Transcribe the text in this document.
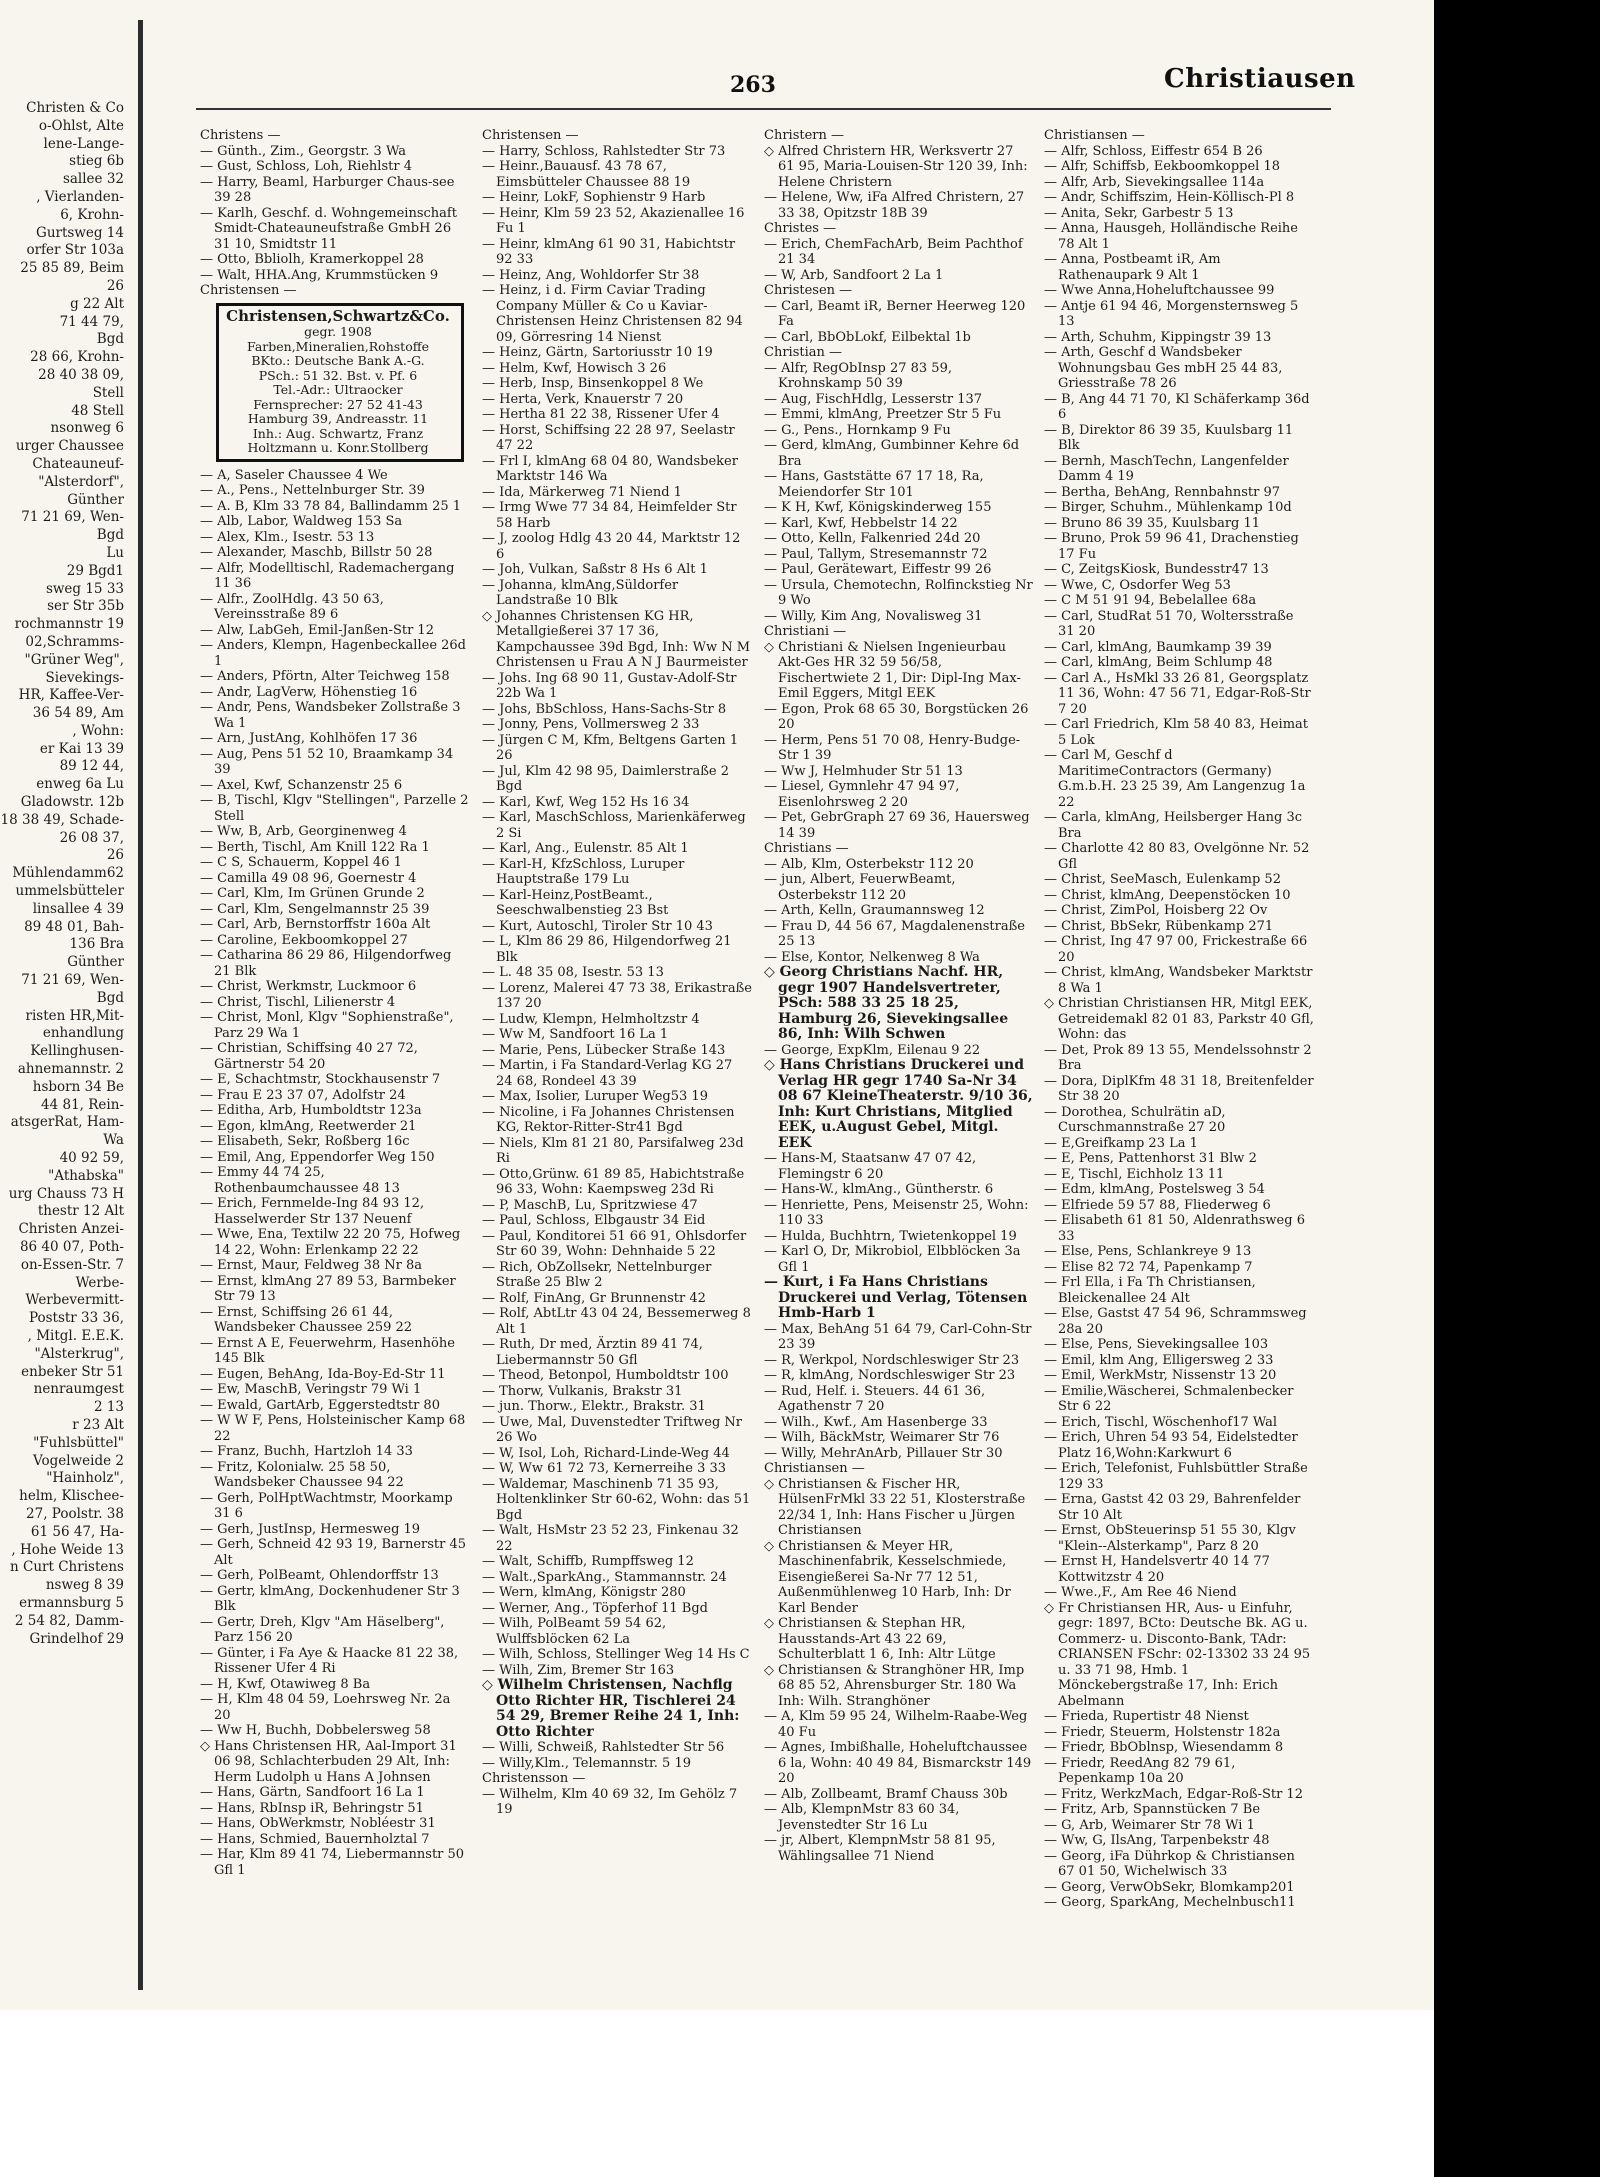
Christen & Co
o-Ohlst, Alte
lene-Lange-
stieg 6b
sallee 32
, Vierlanden-
6, Krohn-
Gurtsweg 14
orfer Str 103a
25 85 89, Beim
26
g 22 Alt
71 44 79,
Bgd
28 66, Krohn-
28 40 38 09,
Stell
48 Stell
nsonweg 6
urger Chaussee
Chateauneuf-
"Alsterdorf",
Günther
71 21 69, Wen-
Bgd
Lu
29 Bgd1
sweg 15 33
ser Str 35b
rochmannstr 19
02,Schramms-
"Grüner Weg",
Sievekings-
HR, Kaffee-Ver-
36 54 89, Am
, Wohn:
er Kai 13 39
89 12 44,
enweg 6a Lu
Gladowstr. 12b
18 38 49, Schade-
26 08 37,
26
Mühlendamm62
ummelsbütteler
linsallee 4 39
89 48 01, Bah-
136 Bra
Günther
71 21 69, Wen-
Bgd
risten HR,Mit-
enhandlung
Kellinghusen-
ahnemannstr. 2
hsborn 34 Be
44 81, Rein-
atsgerRat, Ham-
Wa
40 92 59,
"Athabska"
urg Chauss 73 H
thestr 12 Alt
Christen Anzei-
86 40 07, Poth-
on-Essen-Str. 7
Werbe-
Werbevermitt-
Poststr 33 36,
, Mitgl. E.E.K.
"Alsterkrug",
enbeker Str 51
nenraumgest
2 13
r 23 Alt
"Fuhlsbüttel"
Vogelweide 2
"Hainholz",
helm, Klischee-
27, Poolstr. 38
61 56 47, Ha-
, Hohe Weide 13
n Curt Christens
nsweg 8 39
ermannsburg 5
2 54 82, Damm-
Grindelhof 29
263	Christiausen
Christens —
— Günth., Zim., Georgstr. 3 Wa
— Gust, Schloss, Loh, Riehlstr 4
— Harry, Beaml, Harburger Chaus-see 39 28
— Karlh, Geschf. d. Wohngemeinschaft Smidt-Chateauneufstraße GmbH 26 31 10, Smidtstr 11
— Otto, Bbliolh, Kramerkoppel 28
— Walt, HHA.Ang, Krummstücken 9
Christensen —
Christensen,Schwartz&Co.
gegr. 1908
Farben,Mineralien,Rohstoffe
BKto.: Deutsche Bank A.-G.
PSch.: 51 32. Bst. v. Pf. 6
Tel.-Adr.: Ultraocker
Fernsprecher: 27 52 41-43
Hamburg 39, Andreasstr. 11
Inh.: Aug. Schwartz, Franz
Holtzmann u. Konr.Stollberg
— A, Saseler Chaussee 4 We
— A., Pens., Nettelnburger Str. 39
— A. B, Klm 33 78 84, Ballindamm 25 1
— Alb, Labor, Waldweg 153 Sa
— Alex, Klm., Isestr. 53 13
— Alexander, Maschb, Billstr 50 28
— Alfr, Modelltischl, Rademachergang 11 36
— Alfr., ZoolHdlg. 43 50 63, Vereinsstraße 89 6
— Alw, LabGeh, Emil-Janßen-Str 12
— Anders, Klempn, Hagenbeckallee 26d 1
— Anders, Pförtn, Alter Teichweg 158
— Andr, LagVerw, Höhenstieg 16
— Andr, Pens, Wandsbeker Zollstraße 3 Wa 1
— Arn, JustAng, Kohlhöfen 17 36
— Aug, Pens 51 52 10, Braamkamp 34 39
— Axel, Kwf, Schanzenstr 25 6
— B, Tischl, Klgv "Stellingen", Parzelle 2 Stell
— Ww, B, Arb, Georginenweg 4
— Berth, Tischl, Am Knill 122 Ra 1
— C S, Schauerm, Koppel 46 1
— Camilla 49 08 96, Goernestr 4
— Carl, Klm, Im Grünen Grunde 2
— Carl, Klm, Sengelmannstr 25 39
— Carl, Arb, Bernstorffstr 160a Alt
— Caroline, Eekboomkoppel 27
— Catharina 86 29 86, Hilgendorfweg 21 Blk
— Christ, Werkmstr, Luckmoor 6
— Christ, Tischl, Lilienerstr 4
— Christ, Monl, Klgv "Sophienstraße", Parz 29 Wa 1
— Christian, Schiffsing 40 27 72, Gärtnerstr 54 20
— E, Schachtmstr, Stockhausenstr 7
— Frau E 23 37 07, Adolfstr 24
— Editha, Arb, Humboldtstr 123a
— Egon, klmAng, Reetwerder 21
— Elisabeth, Sekr, Roßberg 16c
— Emil, Ang, Eppendorfer Weg 150
— Emmy 44 74 25, Rothenbaumchaussee 48 13
— Erich, Fernmelde-Ing 84 93 12, Hasselwerder Str 137 Neuenf
— Wwe, Ena, Textilw 22 20 75, Hofweg 14 22, Wohn: Erlenkamp 22 22
— Ernst, Maur, Feldweg 38 Nr 8a
— Ernst, klmAng 27 89 53, Barmbeker Str 79 13
— Ernst, Schiffsing 26 61 44, Wandsbeker Chaussee 259 22
— Ernst A E, Feuerwehrm, Hasenhöhe 145 Blk
— Eugen, BehAng, Ida-Boy-Ed-Str 11
— Ew, MaschB, Veringstr 79 Wi 1
— Ewald, GartArb, Eggerstedtstr 80
— W W F, Pens, Holsteinischer Kamp 68 22
— Franz, Buchh, Hartzloh 14 33
— Fritz, Kolonialw. 25 58 50, Wandsbeker Chaussee 94 22
— Gerh, PolHptWachtmstr, Moorkamp 31 6
— Gerh, JustInsp, Hermesweg 19
— Gerh, Schneid 42 93 19, Barnerstr 45 Alt
— Gerh, PolBeamt, Ohlendorffstr 13
— Gertr, klmAng, Dockenhudener Str 3 Blk
— Gertr, Dreh, Klgv "Am Häselberg", Parz 156 20
— Günter, i Fa Aye & Haacke 81 22 38, Rissener Ufer 4 Ri
— H, Kwf, Otawiweg 8 Ba
— H, Klm 48 04 59, Loehrsweg Nr. 2a 20
— Ww H, Buchh, Dobbelersweg 58
◇ Hans Christensen HR, Aal-Import 31 06 98, Schlachterbuden 29 Alt, Inh: Herm Ludolph u Hans A Johnsen
— Hans, Gärtn, Sandfoort 16 La 1
— Hans, RbInsp iR, Behringstr 51
— Hans, ObWerkmstr, Nobléestr 31
— Hans, Schmied, Bauernholztal 7
— Har, Klm 89 41 74, Liebermannstr 50 Gfl 1
Christensen —
— Harry, Schloss, Rahlstedter Str 73
— Heinr.,Bauausf. 43 78 67, Eimsbütteler Chaussee 88 19
— Heinr, LokF, Sophienstr 9 Harb
— Heinr, Klm 59 23 52, Akazienallee 16 Fu 1
— Heinr, klmAng 61 90 31, Habichtstr 92 33
— Heinz, Ang, Wohldorfer Str 38
— Heinz, i d. Firm Caviar Trading Company Müller & Co u Kaviar-Christensen Heinz Christensen 82 94 09, Görresring 14 Nienst
— Heinz, Gärtn, Sartoriusstr 10 19
— Helm, Kwf, Howisch 3 26
— Herb, Insp, Binsenkoppel 8 We
— Herta, Verk, Knauerstr 7 20
— Hertha 81 22 38, Rissener Ufer 4
— Horst, Schiffsing 22 28 97, Seelastr 47 22
— Frl I, klmAng 68 04 80, Wandsbeker Marktstr 146 Wa
— Ida, Märkerweg 71 Niend 1
— Irmg Wwe 77 34 84, Heimfelder Str 58 Harb
— J, zoolog Hdlg 43 20 44, Marktstr 12 6
— Joh, Vulkan, Saßstr 8 Hs 6 Alt 1
— Johanna, klmAng,Süldorfer Landstraße 10 Blk
◇ Johannes Christensen KG HR, Metallgießerei 37 17 36, Kampchaussee 39d Bgd, Inh: Ww N M Christensen u Frau A N J Baurmeister
— Johs. Ing 68 90 11, Gustav-Adolf-Str 22b Wa 1
— Johs, BbSchloss, Hans-Sachs-Str 8
— Jonny, Pens, Vollmersweg 2 33
— Jürgen C M, Kfm, Beltgens Garten 1 26
— Jul, Klm 42 98 95, Daimlerstraße 2 Bgd
— Karl, Kwf, Weg 152 Hs 16 34
— Karl, MaschSchloss, Marienkäferweg 2 Si
— Karl, Ang., Eulenstr. 85 Alt 1
— Karl-H, KfzSchloss, Luruper Hauptstraße 179 Lu
— Karl-Heinz,PostBeamt., Seeschwalbenstieg 23 Bst
— Kurt, Autoschl, Tiroler Str 10 43
— L, Klm 86 29 86, Hilgendorfweg 21 Blk
— L. 48 35 08, Isestr. 53 13
— Lorenz, Malerei 47 73 38, Erikastraße 137 20
— Ludw, Klempn, Helmholtzstr 4
— Ww M, Sandfoort 16 La 1
— Marie, Pens, Lübecker Straße 143
— Martin, i Fa Standard-Verlag KG 27 24 68, Rondeel 43 39
— Max, Isolier, Luruper Weg53 19
— Nicoline, i Fa Johannes Christensen KG, Rektor-Ritter-Str41 Bgd
— Niels, Klm 81 21 80, Parsifalweg 23d Ri
— Otto,Grünw. 61 89 85, Habichtstraße 96 33, Wohn: Kaempsweg 23d Ri
— P, MaschB, Lu, Spritzwiese 47
— Paul, Schloss, Elbgaustr 34 Eid
— Paul, Konditorei 51 66 91, Ohlsdorfer Str 60 39, Wohn: Dehnhaide 5 22
— Rich, ObZollsekr, Nettelnburger Straße 25 Blw 2
— Rolf, FinAng, Gr Brunnenstr 42
— Rolf, AbtLtr 43 04 24, Bessemerweg 8 Alt 1
— Ruth, Dr med, Ärztin 89 41 74, Liebermannstr 50 Gfl
— Theod, Betonpol, Humboldtstr 100
— Thorw, Vulkanis, Brakstr 31
— jun. Thorw., Elektr., Brakstr. 31
— Uwe, Mal, Duvenstedter Triftweg Nr 26 Wo
— W, Isol, Loh, Richard-Linde-Weg 44
— W, Ww 61 72 73, Kernerreihe 3 33
— Waldemar, Maschinenb 71 35 93, Holtenklinker Str 60-62, Wohn: das 51 Bgd
— Walt, HsMstr 23 52 23, Finkenau 32 22
— Walt, Schiffb, Rumpffsweg 12
— Walt.,SparkAng., Stammannstr. 24
— Wern, klmAng, Königstr 280
— Werner, Ang., Töpferhof 11 Bgd
— Wilh, PolBeamt 59 54 62, Wulffsblöcken 62 La
— Wilh, Schloss, Stellinger Weg 14 Hs C
— Wilh, Zim, Bremer Str 163
◇ Wilhelm Christensen, Nachflg Otto Richter HR, Tischlerei 24 54 29, Bremer Reihe 24 1, Inh: Otto Richter
— Willi, Schweiß, Rahlstedter Str 56
— Willy,Klm., Telemannstr. 5 19
Christensson —
— Wilhelm, Klm 40 69 32, Im Gehölz 7 19
Christern —
◇ Alfred Christern HR, Werksvertr 27 61 95, Maria-Louisen-Str 120 39, Inh: Helene Christern
— Helene, Ww, iFa Alfred Christern, 27 33 38, Opitzstr 18B 39
Christes —
— Erich, ChemFachArb, Beim Pachthof 21 34
— W, Arb, Sandfoort 2 La 1
Christesen —
— Carl, Beamt iR, Berner Heerweg 120 Fa
— Carl, BbObLokf, Eilbektal 1b
Christian —
— Alfr, RegObInsp 27 83 59, Krohnskamp 50 39
— Aug, FischHdlg, Lesserstr 137
— Emmi, klmAng, Preetzer Str 5 Fu
— G., Pens., Hornkamp 9 Fu
— Gerd, klmAng, Gumbinner Kehre 6d Bra
— Hans, Gaststätte 67 17 18, Ra, Meiendorfer Str 101
— K H, Kwf, Königskinderweg 155
— Karl, Kwf, Hebbelstr 14 22
— Otto, Kelln, Falkenried 24d 20
— Paul, Tallym, Stresemannstr 72
— Paul, Gerätewart, Eiffestr 99 26
— Ursula, Chemotechn, Rolfinckstieg Nr 9 Wo
— Willy, Kim Ang, Novalisweg 31
Christiani —
◇ Christiani & Nielsen Ingenieurbau Akt-Ges HR 32 59 56/58, Fischertwiete 2 1, Dir: Dipl-Ing Max-Emil Eggers, Mitgl EEK
— Egon, Prok 68 65 30, Borgstücken 26 20
— Herm, Pens 51 70 08, Henry-Budge-Str 1 39
— Ww J, Helmhuder Str 51 13
— Liesel, Gymnlehr 47 94 97, Eisenlohrsweg 2 20
— Pet, GebrGraph 27 69 36, Hauersweg 14 39
Christians —
— Alb, Klm, Osterbekstr 112 20
— jun, Albert, FeuerwBeamt, Osterbekstr 112 20
— Arth, Kelln, Graumannsweg 12
— Frau D, 44 56 67, Magdalenenstraße 25 13
— Else, Kontor, Nelkenweg 8 Wa
◇ Georg Christians Nachf. HR, gegr 1907 Handelsvertreter, PSch: 588 33 25 18 25, Hamburg 26, Sievekingsallee 86, Inh: Wilh Schwen
— George, ExpKlm, Eilenau 9 22
◇ Hans Christians Druckerei und Verlag HR gegr 1740 Sa-Nr 34 08 67 KleineTheaterstr. 9/10 36, Inh: Kurt Christians, Mitglied EEK, u.August Gebel, Mitgl. EEK
— Hans-M, Staatsanw 47 07 42, Flemingstr 6 20
— Hans-W., klmAng., Güntherstr. 6
— Henriette, Pens, Meisenstr 25, Wohn: 110 33
— Hulda, Buchhtrn, Twietenkoppel 19
— Karl O, Dr, Mikrobiol, Elbblöcken 3a Gfl 1
— Kurt, i Fa Hans Christians Druckerei und Verlag, Tötensen Hmb-Harb 1
— Max, BehAng 51 64 79, Carl-Cohn-Str 23 39
— R, Werkpol, Nordschleswiger Str 23
— R, klmAng, Nordschleswiger Str 23
— Rud, Helf. i. Steuers. 44 61 36, Agathenstr 7 20
— Wilh., Kwf., Am Hasenberge 33
— Wilh, BäckMstr, Weimarer Str 76
— Willy, MehrAnArb, Pillauer Str 30
Christiansen —
◇ Christiansen & Fischer HR, HülsenFrMkl 33 22 51, Klosterstraße 22/34 1, Inh: Hans Fischer u Jürgen Christiansen
◇ Christiansen & Meyer HR, Maschinenfabrik, Kesselschmiede, Eisengießerei Sa-Nr 77 12 51, Außenmühlenweg 10 Harb, Inh: Dr Karl Bender
◇ Christiansen & Stephan HR, Hausstands-Art 43 22 69, Schulterblatt 1 6, Inh: Altr Lütge
◇ Christiansen & Stranghöner HR, Imp 68 85 52, Ahrensburger Str. 180 Wa Inh: Wilh. Stranghöner
— A, Klm 59 95 24, Wilhelm-Raabe-Weg 40 Fu
— Agnes, Imbißhalle, Hoheluftchaussee 6 la, Wohn: 40 49 84, Bismarckstr 149 20
— Alb, Zollbeamt, Bramf Chauss 30b
— Alb, KlempnMstr 83 60 34, Jevenstedter Str 16 Lu
— jr, Albert, KlempnMstr 58 81 95, Wählingsallee 71 Niend
Christiansen —
— Alfr, Schloss, Eiffestr 654 B 26
— Alfr, Schiffsb, Eekboomkoppel 18
— Alfr, Arb, Sievekingsallee 114a
— Andr, Schiffszim, Hein-Köllisch-Pl 8
— Anita, Sekr, Garbestr 5 13
— Anna, Hausgeh, Holländische Reihe 78 Alt 1
— Anna, Postbeamt iR, Am Rathenaupark 9 Alt 1
— Wwe Anna,Hoheluftchaussee 99
— Antje 61 94 46, Morgensternsweg 5 13
— Arth, Schuhm, Kippingstr 39 13
— Arth, Geschf d Wandsbeker Wohnungsbau Ges mbH 25 44 83, Griesstraße 78 26
— B, Ang 44 71 70, Kl Schäferkamp 36d 6
— B, Direktor 86 39 35, Kuulsbarg 11 Blk
— Bernh, MaschTechn, Langenfelder Damm 4 19
— Bertha, BehAng, Rennbahnstr 97
— Birger, Schuhm., Mühlenkamp 10d
— Bruno 86 39 35, Kuulsbarg 11
— Bruno, Prok 59 96 41, Drachenstieg 17 Fu
— C, ZeitgsKiosk, Bundesstr47 13
— Wwe, C, Osdorfer Weg 53
— C M 51 91 94, Bebelallee 68a
— Carl, StudRat 51 70, Woltersstraße 31 20
— Carl, klmAng, Baumkamp 39 39
— Carl, klmAng, Beim Schlump 48
— Carl A., HsMkl 33 26 81, Georgsplatz 11 36, Wohn: 47 56 71, Edgar-Roß-Str 7 20
— Carl Friedrich, Klm 58 40 83, Heimat 5 Lok
— Carl M, Geschf d MaritimeContractors (Germany) G.m.b.H. 23 25 39, Am Langenzug 1a 22
— Carla, klmAng, Heilsberger Hang 3c Bra
— Charlotte 42 80 83, Ovelgönne Nr. 52 Gfl
— Christ, SeeMasch, Eulenkamp 52
— Christ, klmAng, Deepenstöcken 10
— Christ, ZimPol, Hoisberg 22 Ov
— Christ, BbSekr, Rübenkamp 271
— Christ, Ing 47 97 00, Frickestraße 66 20
— Christ, klmAng, Wandsbeker Marktstr 8 Wa 1
◇ Christian Christiansen HR, Mitgl EEK, Getreidemakl 82 01 83, Parkstr 40 Gfl, Wohn: das
— Det, Prok 89 13 55, Mendelssohnstr 2 Bra
— Dora, DiplKfm 48 31 18, Breitenfelder Str 38 20
— Dorothea, Schulrätin aD, Curschmannstraße 27 20
— E,Greifkamp 23 La 1
— E, Pens, Pattenhorst 31 Blw 2
— E, Tischl, Eichholz 13 11
— Edm, klmAng, Postelsweg 3 54
— Elfriede 59 57 88, Fliederweg 6
— Elisabeth 61 81 50, Aldenrathsweg 6 33
— Else, Pens, Schlankreye 9 13
— Elise 82 72 74, Papenkamp 7
— Frl Ella, i Fa Th Christiansen, Bleickenallee 24 Alt
— Else, Gastst 47 54 96, Schrammsweg 28a 20
— Else, Pens, Sievekingsallee 103
— Emil, klm Ang, Elligersweg 2 33
— Emil, WerkMstr, Nissenstr 13 20
— Emilie,Wäscherei, Schmalenbecker Str 6 22
— Erich, Tischl, Wöschenhof17 Wal
— Erich, Uhren 54 93 54, Eidelstedter Platz 16,Wohn:Karkwurt 6
— Erich, Telefonist, Fuhlsbüttler Straße 129 33
— Erna, Gastst 42 03 29, Bahrenfelder Str 10 Alt
— Ernst, ObSteuerinsp 51 55 30, Klgv "Klein--Alsterkamp", Parz 8 20
— Ernst H, Handelsvertr 40 14 77 Kottwitzstr 4 20
— Wwe.,F., Am Ree 46 Niend
◇ Fr Christiansen HR, Aus- u Einfuhr, gegr: 1897, BCto: Deutsche Bk. AG u. Commerz- u. Disconto-Bank, TAdr: CRIANSEN FSchr: 02-13302 33 24 95 u. 33 71 98, Hmb. 1 Mönckebergstraße 17, Inh: Erich Abelmann
— Frieda, Rupertistr 48 Nienst
— Friedr, Steuerm, Holstenstr 182a
— Friedr, BbOblnsp, Wiesendamm 8
— Friedr, ReedAng 82 79 61, Pepenkamp 10a 20
— Fritz, WerkzMach, Edgar-Roß-Str 12
— Fritz, Arb, Spannstücken 7 Be
— G, Arb, Weimarer Str 78 Wi 1
— Ww, G, IlsAng, Tarpenbekstr 48
— Georg, iFa Dührkop & Christiansen 67 01 50, Wichelwisch 33
— Georg, VerwObSekr, Blomkamp201
— Georg, SparkAng, Mechelnbusch11
